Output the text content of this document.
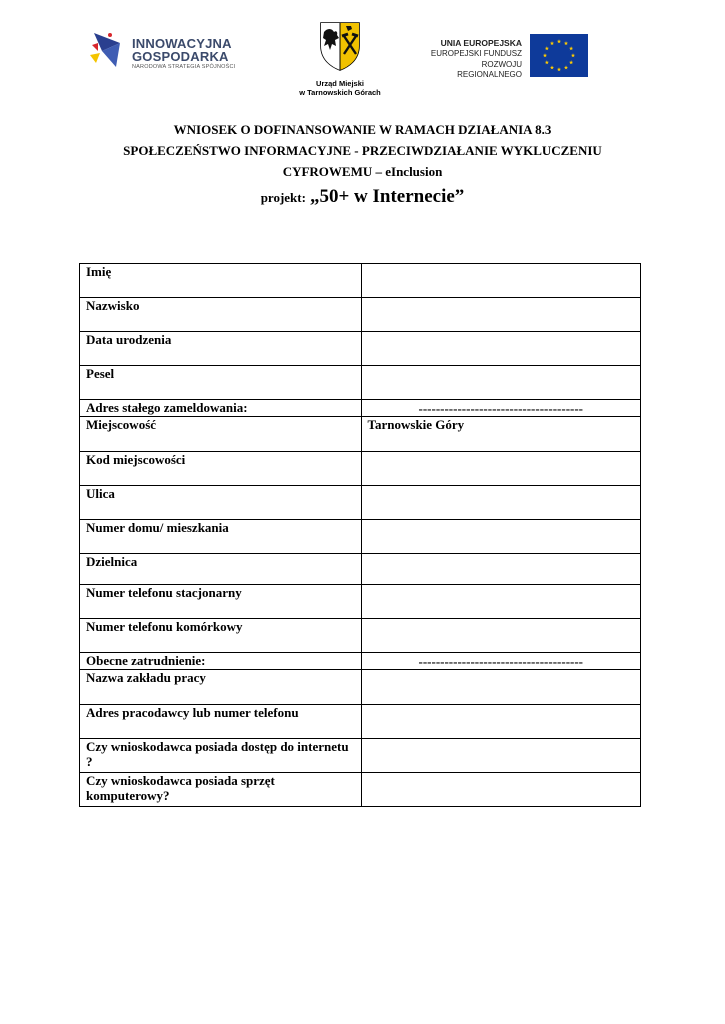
INNOWACYJNA
GOSPODARKA
NARODOWA STRATEGIA SPÓJNOŚCI
Urząd Miejski
w Tarnowskich Górach
UNIA EUROPEJSKA
EUROPEJSKI FUNDUSZ
ROZWOJU REGIONALNEGO
WNIOSEK O DOFINANSOWANIE W RAMACH DZIAŁANIA 8.3
SPOŁECZEŃSTWO INFORMACYJNE - PRZECIWDZIAŁANIE WYKLUCZENIU
CYFROWEMU – eInclusion
projekt: „50+ w Internecie”
Imię	
Nazwisko	
Data urodzenia	
Pesel	
Adres stałego zameldowania:	--------------------------------------
Miejscowość	Tarnowskie Góry
Kod miejscowości	
Ulica	
Numer domu/ mieszkania	
Dzielnica	
Numer telefonu stacjonarny	
Numer telefonu komórkowy	
Obecne zatrudnienie:	--------------------------------------
Nazwa zakładu pracy	
Adres pracodawcy lub numer telefonu	
Czy wnioskodawca posiada dostęp do internetu ?	
Czy wnioskodawca posiada sprzęt komputerowy?	
